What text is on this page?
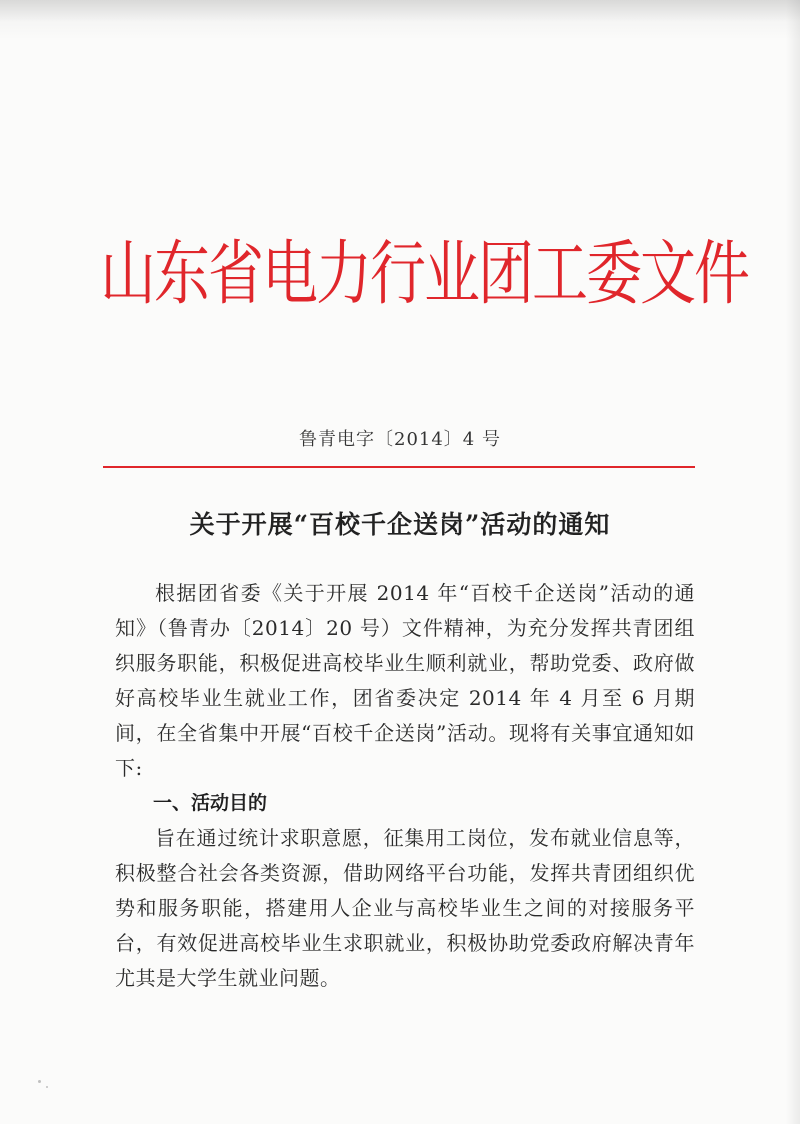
山东省电力行业团工委文件
鲁青电字〔2014〕4 号
关于开展“百校千企送岗”活动的通知

根据团省委《关于开展 2014 年“百校千企送岗”活动的通知》（鲁青办〔2014〕20 号）文件精神，为充分发挥共青团组织服务职能，积极促进高校毕业生顺利就业，帮助党委、政府做好高校毕业生就业工作，团省委决定 2014 年 4 月至 6 月期间，在全省集中开展“百校千企送岗”活动。现将有关事宜通知如下:

一、活动目的

旨在通过统计求职意愿，征集用工岗位，发布就业信息等，积极整合社会各类资源，借助网络平台功能，发挥共青团组织优势和服务职能，搭建用人企业与高校毕业生之间的对接服务平台，有效促进高校毕业生求职就业，积极协助党委政府解决青年尤其是大学生就业问题。
